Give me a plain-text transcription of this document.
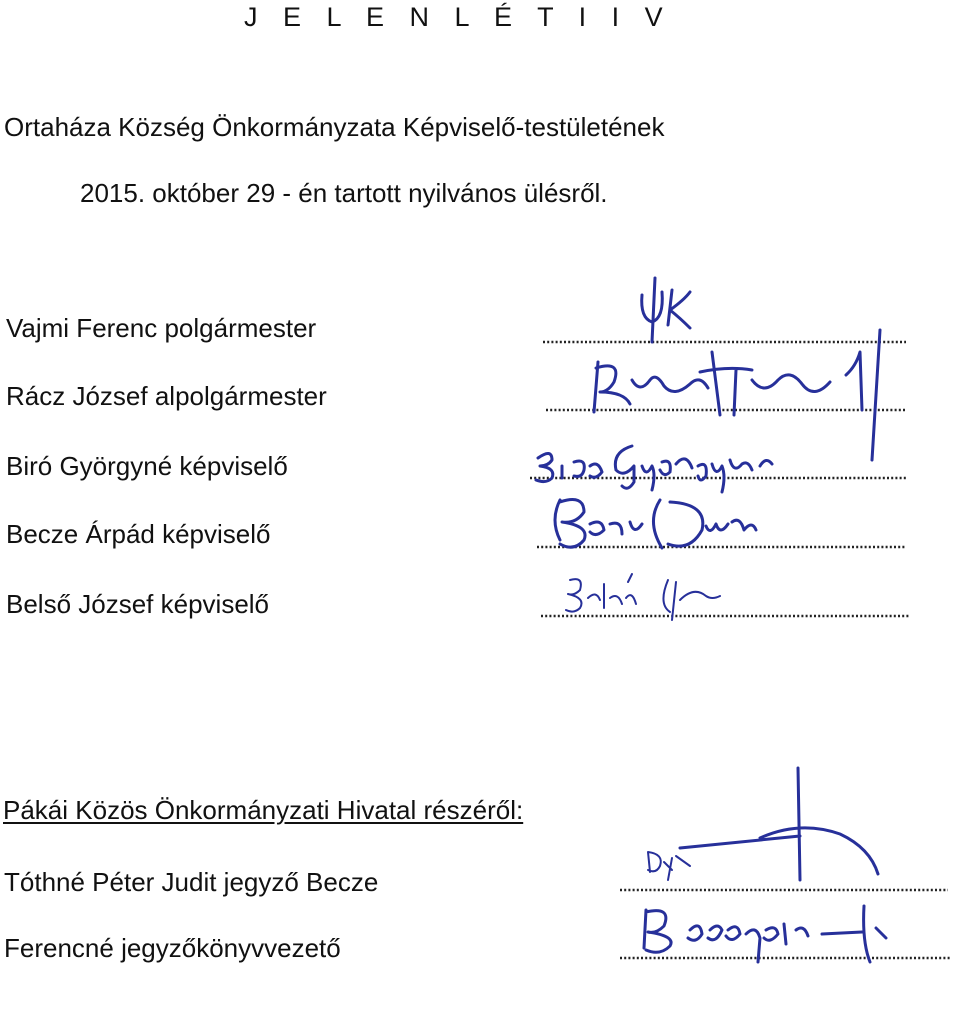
J E L E N L É T I I V

Ortaháza Község Önkormányzata Képviselő-testületének

2015. október 29 - én tartott nyilvános ülésről.

Vajmi Ferenc polgármester

Rácz József alpolgármester

Biró Györgyné képviselő

Becze Árpád képviselő

Belső József képviselő

Pákái Közös Önkormányzati Hivatal részéről:

Tóthné Péter Judit jegyző Becze

Ferencné jegyzőkönyvvezető
